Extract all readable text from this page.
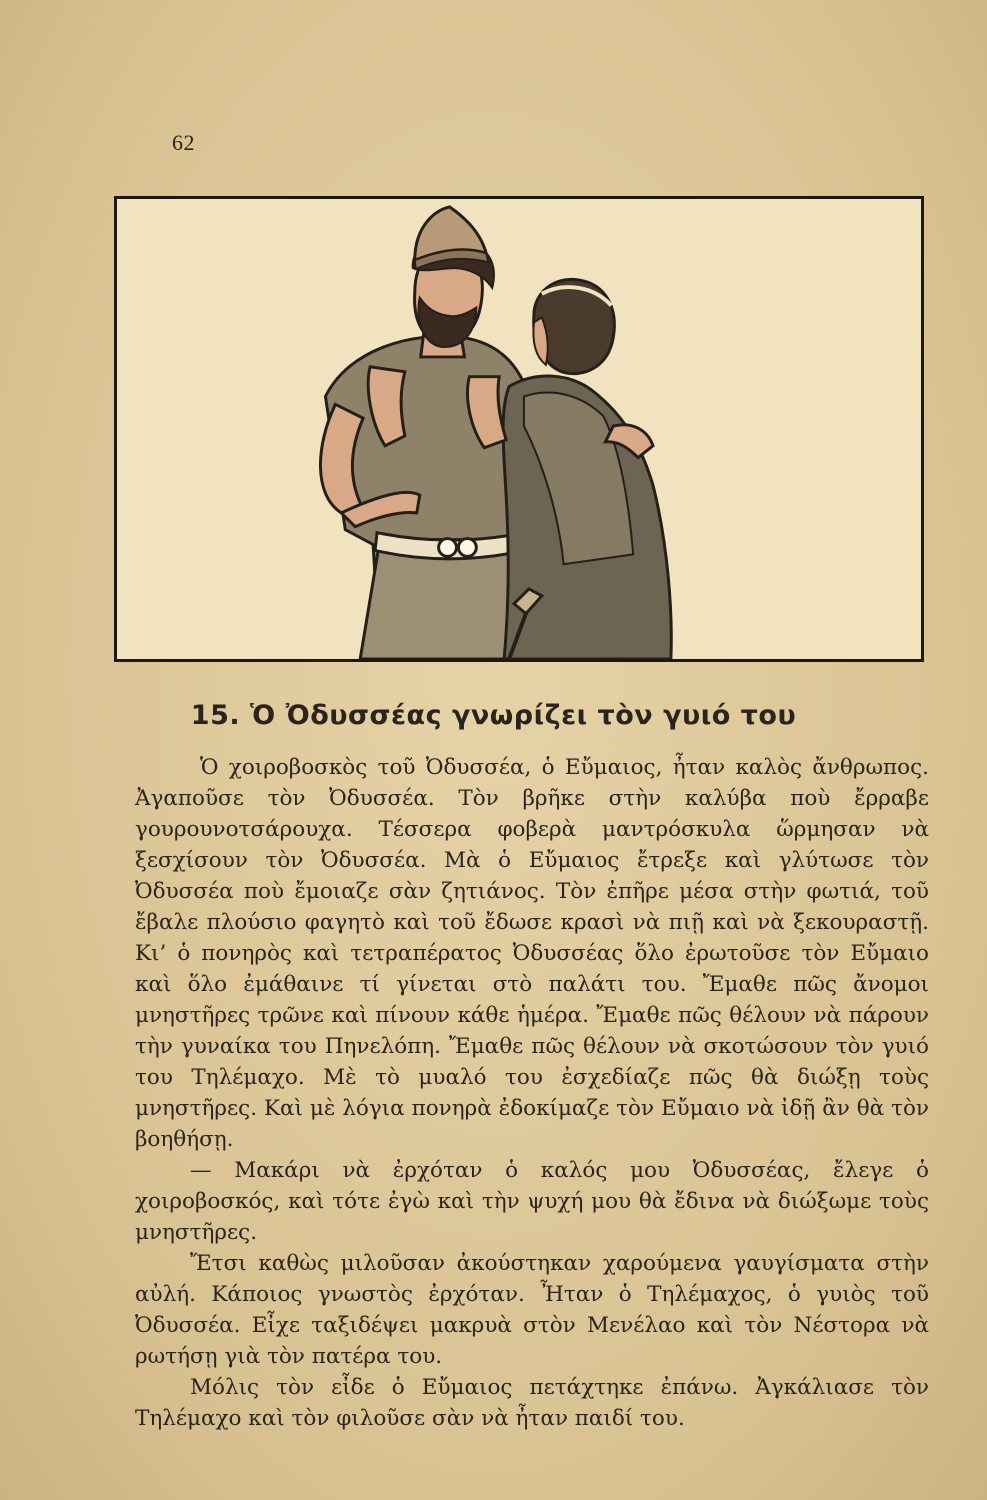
62
15. Ὁ Ὀδυσσέας γνωρίζει τὸν γυιό του

Ὁ χοιροβοσκὸς τοῦ Ὀδυσσέα, ὁ Εὔμαιος, ἦταν καλὸς ἄνθρωπος. Ἀγαποῦσε τὸν Ὀδυσσέα. Τὸν βρῆκε στὴν καλύβα ποὺ ἔρραβε γουρουνοτσάρουχα. Τέσσερα φοβερὰ μαντρόσκυλα ὥρμησαν νὰ ξεσχίσουν τὸν Ὀδυσσέα. Μὰ ὁ Εὔμαιος ἔτρεξε καὶ γλύτωσε τὸν Ὀδυσσέα ποὺ ἔμοιαζε σὰν ζητιάνος. Τὸν ἐπῆρε μέσα στὴν φωτιά, τοῦ ἔβαλε πλούσιο φαγητὸ καὶ τοῦ ἔδωσε κρασὶ νὰ πιῇ καὶ νὰ ξεκουραστῇ. Κι’ ὁ πονηρὸς καὶ τετραπέρατος Ὀδυσσέας ὅλο ἐρωτοῦσε τὸν Εὔμαιο καὶ ὅλο ἐμάθαινε τί γίνεται στὸ παλάτι του. Ἔμαθε πῶς ἄνομοι μνηστῆρες τρῶνε καὶ πίνουν κάθε ἡμέρα. Ἔμαθε πῶς θέλουν νὰ πάρουν τὴν γυναίκα του Πηνελόπη. Ἔμαθε πῶς θέλουν νὰ σκοτώσουν τὸν γυιό του Τηλέμαχο. Μὲ τὸ μυαλό του ἐσχεδίαζε πῶς θὰ διώξῃ τοὺς μνηστῆρες. Καὶ μὲ λόγια πονηρὰ ἐδοκίμαζε τὸν Εὔμαιο νὰ ἰδῇ ἂν θὰ τὸν βοηθήσῃ.

— Μακάρι νὰ ἐρχόταν ὁ καλός μου Ὀδυσσέας, ἔλεγε ὁ χοιροβοσκός, καὶ τότε ἐγὼ καὶ τὴν ψυχή μου θὰ ἔδινα νὰ διώξωμε τοὺς μνηστῆρες.

Ἔτσι καθὼς μιλοῦσαν ἀκούστηκαν χαρούμενα γαυγίσματα στὴν αὐλή. Κάποιος γνωστὸς ἐρχόταν. Ἦταν ὁ Τηλέμαχος, ὁ γυιὸς τοῦ Ὀδυσσέα. Εἶχε ταξιδέψει μακρυὰ στὸν Μενέλαο καὶ τὸν Νέστορα νὰ ρωτήσῃ γιὰ τὸν πατέρα του.

Μόλις τὸν εἶδε ὁ Εὔμαιος πετάχτηκε ἐπάνω. Ἀγκάλιασε τὸν Τηλέμαχο καὶ τὸν φιλοῦσε σὰν νὰ ἦταν παιδί του.
